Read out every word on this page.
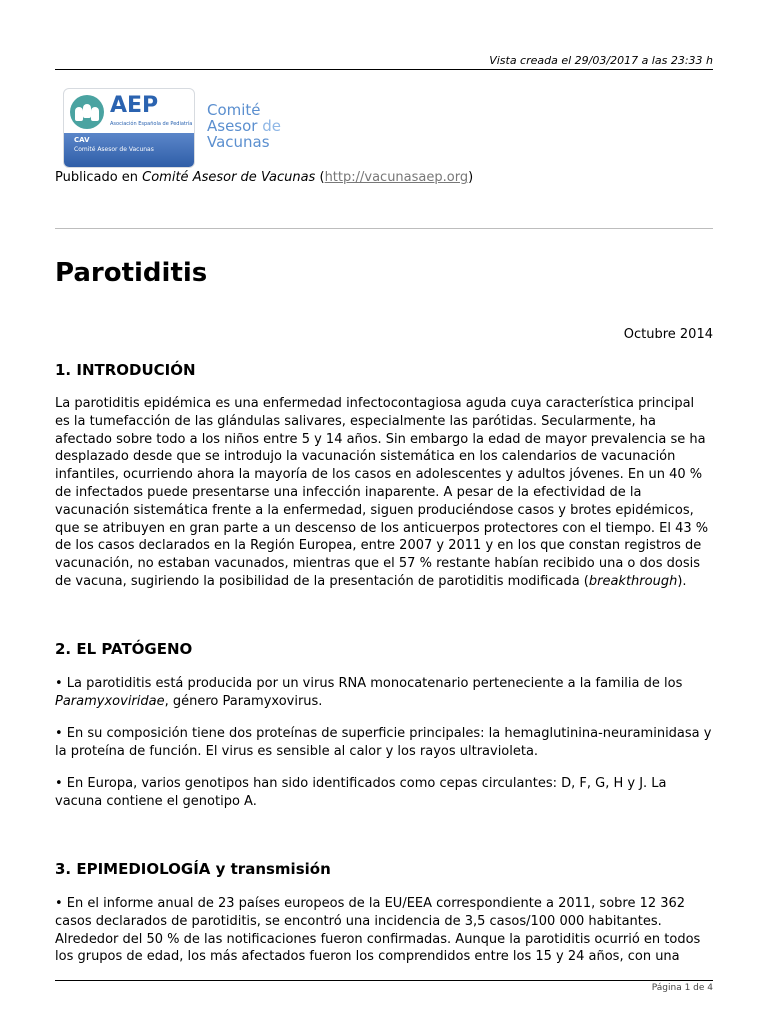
Vista creada el 29/03/2017 a las 23:33 h
AEP
Asociación Española de Pediatría
CAV
Comité Asesor de Vacunas
Comité
Asesor de
Vacunas
Publicado en Comité Asesor de Vacunas (http://vacunasaep.org)
Parotiditis
Octubre 2014
1. INTRODUCIÓN

La parotiditis epidémica es una enfermedad infectocontagiosa aguda cuya característica principal es la tumefacción de las glándulas salivares, especialmente las parótidas. Secularmente, ha afectado sobre todo a los niños entre 5 y 14 años. Sin embargo la edad de mayor prevalencia se ha desplazado desde que se introdujo la vacunación sistemática en los calendarios de vacunación infantiles, ocurriendo ahora la mayoría de los casos en adolescentes y adultos jóvenes. En un 40 % de infectados puede presentarse una infección inaparente. A pesar de la efectividad de la vacunación sistemática frente a la enfermedad, siguen produciéndose casos y brotes epidémicos, que se atribuyen en gran parte a un descenso de los anticuerpos protectores con el tiempo. El 43 % de los casos declarados en la Región Europea, entre 2007 y 2011 y en los que constan registros de vacunación, no estaban vacunados, mientras que el 57 % restante habían recibido una o dos dosis de vacuna, sugiriendo la posibilidad de la presentación de parotiditis modificada (breakthrough).

2. EL PATÓGENO

• La parotiditis está producida por un virus RNA monocatenario perteneciente a la familia de los Paramyxoviridae, género Paramyxovirus.

• En su composición tiene dos proteínas de superficie principales: la hemaglutinina-neuraminidasa y la proteína de función. El virus es sensible al calor y los rayos ultravioleta.

• En Europa, varios genotipos han sido identificados como cepas circulantes: D, F, G, H y J. La vacuna contiene el genotipo A.

3. EPIMEDIOLOGÍA y transmisión

• En el informe anual de 23 países europeos de la EU/EEA correspondiente a 2011, sobre 12 362 casos declarados de parotiditis, se encontró una incidencia de 3,5 casos/100 000 habitantes. Alrededor del 50 % de las notificaciones fueron confirmadas. Aunque la parotiditis ocurrió en todos los grupos de edad, los más afectados fueron los comprendidos entre los 15 y 24 años, con una

Página 1 de 4
